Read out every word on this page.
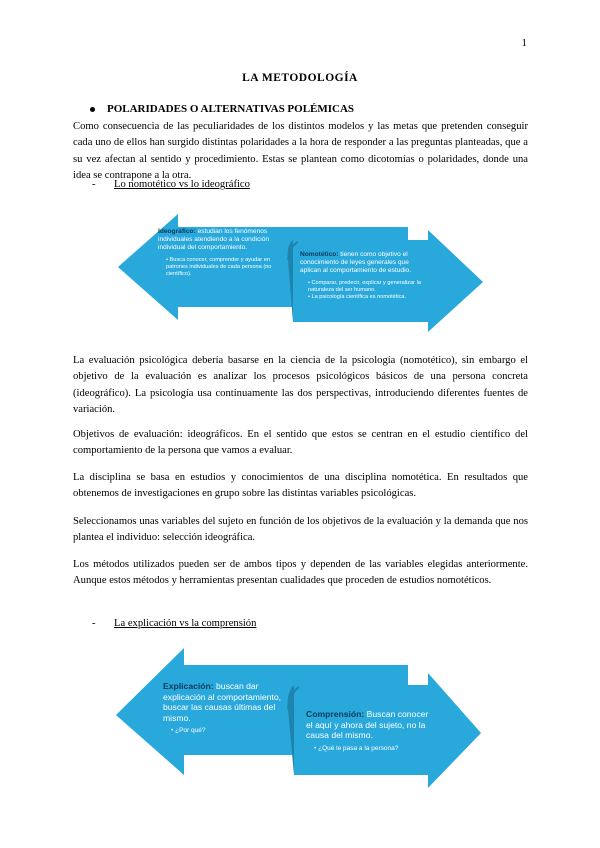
1
LA METODOLOGÍA
POLARIDADES O ALTERNATIVAS POLÉMICAS
Como consecuencia de las peculiaridades de los distintos modelos y las metas que pretenden conseguir cada uno de ellos han surgido distintas polaridades a la hora de responder a las preguntas planteadas, que a su vez afectan al sentido y procedimiento. Estas se plantean como dicotomías o polaridades, donde una idea se contrapone a la otra.
- Lo nomotético vs lo ideográfico
Ideográfico: estudian los fenómenos individuales atendiendo a la condición individual del comportamiento.
• Busca conocer, comprender y ayudar en patrones individuales de cada persona (no científico).
Nomotético: tienen como objetivo el conocimiento de leyes generales que aplican al comportamiento de estudio.
• Comparar, predecir, explicar y generalizar la naturaleza del ser humano.
• La psicología científica es nomotética.
La evaluación psicológica debería basarse en la ciencia de la psicología (nomotético), sin embargo el objetivo de la evaluación es analizar los procesos psicológicos básicos de una persona concreta (ideográfico). La psicología usa continuamente las dos perspectivas, introduciendo diferentes fuentes de variación.
Objetivos de evaluación: ideográficos. En el sentido que estos se centran en el estudio científico del comportamiento de la persona que vamos a evaluar.
La disciplina se basa en estudios y conocimientos de una disciplina nomotética. En resultados que obtenemos de investigaciones en grupo sobre las distintas variables psicológicas.
Seleccionamos unas variables del sujeto en función de los objetivos de la evaluación y la demanda que nos plantea el individuo: selección ideográfica.
Los métodos utilizados pueden ser de ambos tipos y dependen de las variables elegidas anteriormente. Aunque estos métodos y herramientas presentan cualidades que proceden de estudios nomotéticos.
- La explicación vs la comprensión
Explicación: buscan dar explicación al comportamiento, buscar las causas últimas del mismo.
• ¿Por qué?
Comprensión: Buscan conocer el aquí y ahora del sujeto, no la causa del mismo.
• ¿Qué le pasa a la persona?
